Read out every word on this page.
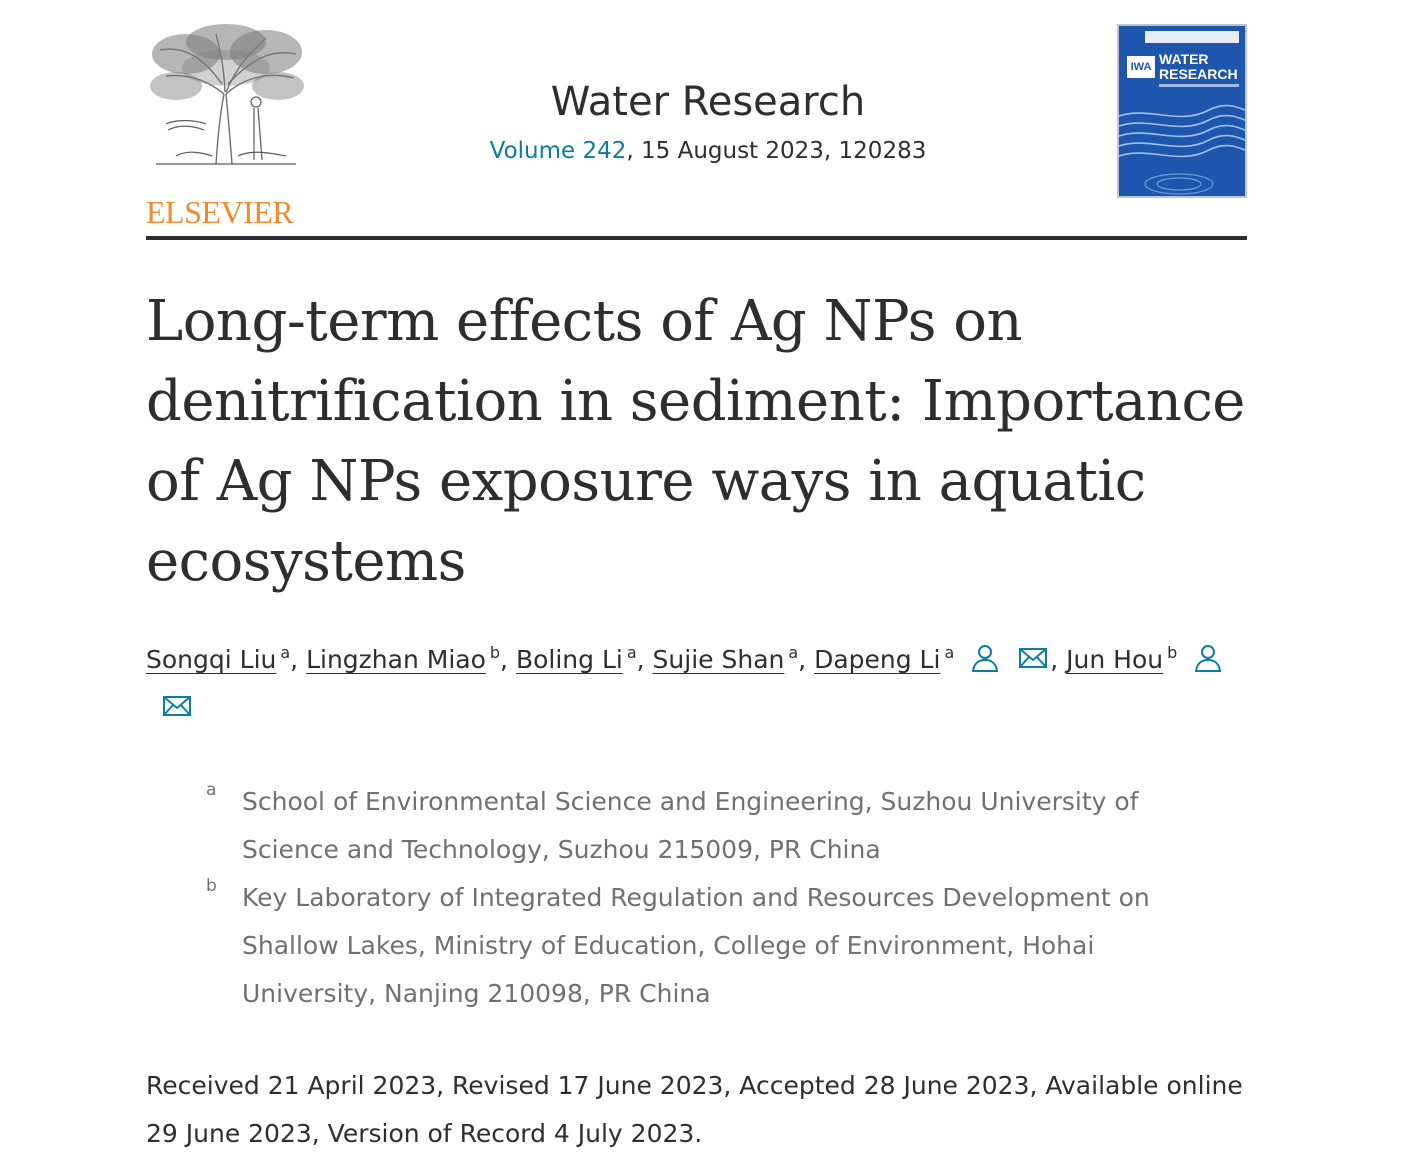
ELSEVIER
Water Research
Volume 242, 15 August 2023, 120283
IWA WATER
RESEARCH
Long-term effects of Ag NPs on denitrification in sediment: Importance of Ag NPs exposure ways in aquatic ecosystems
Songqi Liu $^a$, Lingzhan Miao $^b$, Boling Li $^a$, Sujie Shan $^a$, Dapeng Li $^a$	, Jun Hou $^b$
a School of Environmental Science and Engineering, Suzhou University of Science and Technology, Suzhou 215009, PR China
b Key Laboratory of Integrated Regulation and Resources Development on Shallow Lakes, Ministry of Education, College of Environment, Hohai University, Nanjing 210098, PR China
Received 21 April 2023, Revised 17 June 2023, Accepted 28 June 2023, Available online 29 June 2023, Version of Record 4 July 2023.
